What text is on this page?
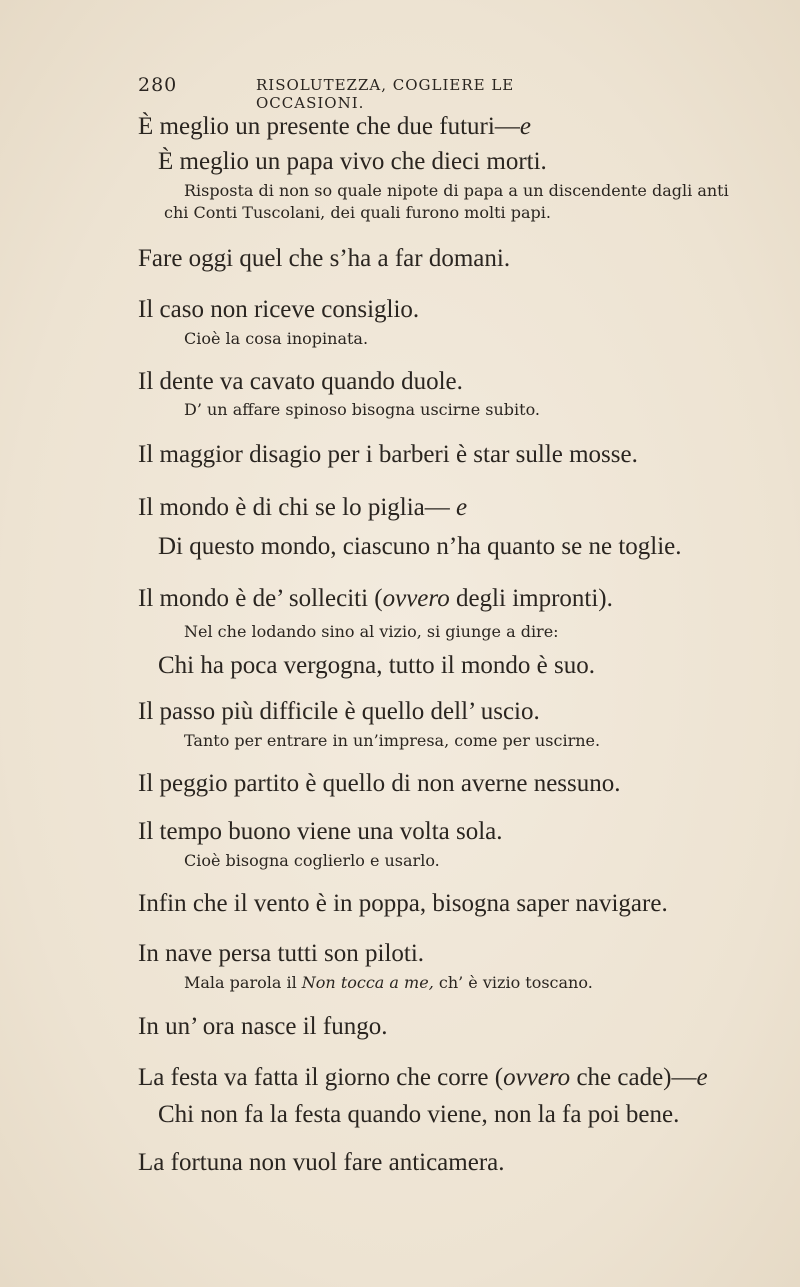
280	RISOLUTEZZA, COGLIERE LE OCCASIONI.
È meglio un presente che due futuri—e
È meglio un papa vivo che dieci morti.
Risposta di non so quale nipote di papa a un discendente dagli anti
chi Conti Tuscolani, dei quali furono molti papi.
Fare oggi quel che s’ha a far domani.
Il caso non riceve consiglio.
Cioè la cosa inopinata.
Il dente va cavato quando duole.
D’ un affare spinoso bisogna uscirne subito.
Il maggior disagio per i barberi è star sulle mosse.
Il mondo è di chi se lo piglia— e
Di questo mondo, ciascuno n’ha quanto se ne toglie.
Il mondo è de’ solleciti (ovvero degli impronti).
Nel che lodando sino al vizio, si giunge a dire:
Chi ha poca vergogna, tutto il mondo è suo.
Il passo più difficile è quello dell’ uscio.
Tanto per entrare in un’impresa, come per uscirne.
Il peggio partito è quello di non averne nessuno.
Il tempo buono viene una volta sola.
Cioè bisogna coglierlo e usarlo.
Infin che il vento è in poppa, bisogna saper navigare.
In nave persa tutti son piloti.
Mala parola il Non tocca a me, ch’ è vizio toscano.
In un’ ora nasce il fungo.
La festa va fatta il giorno che corre (ovvero che cade)—e
Chi non fa la festa quando viene, non la fa poi bene.
La fortuna non vuol fare anticamera.
